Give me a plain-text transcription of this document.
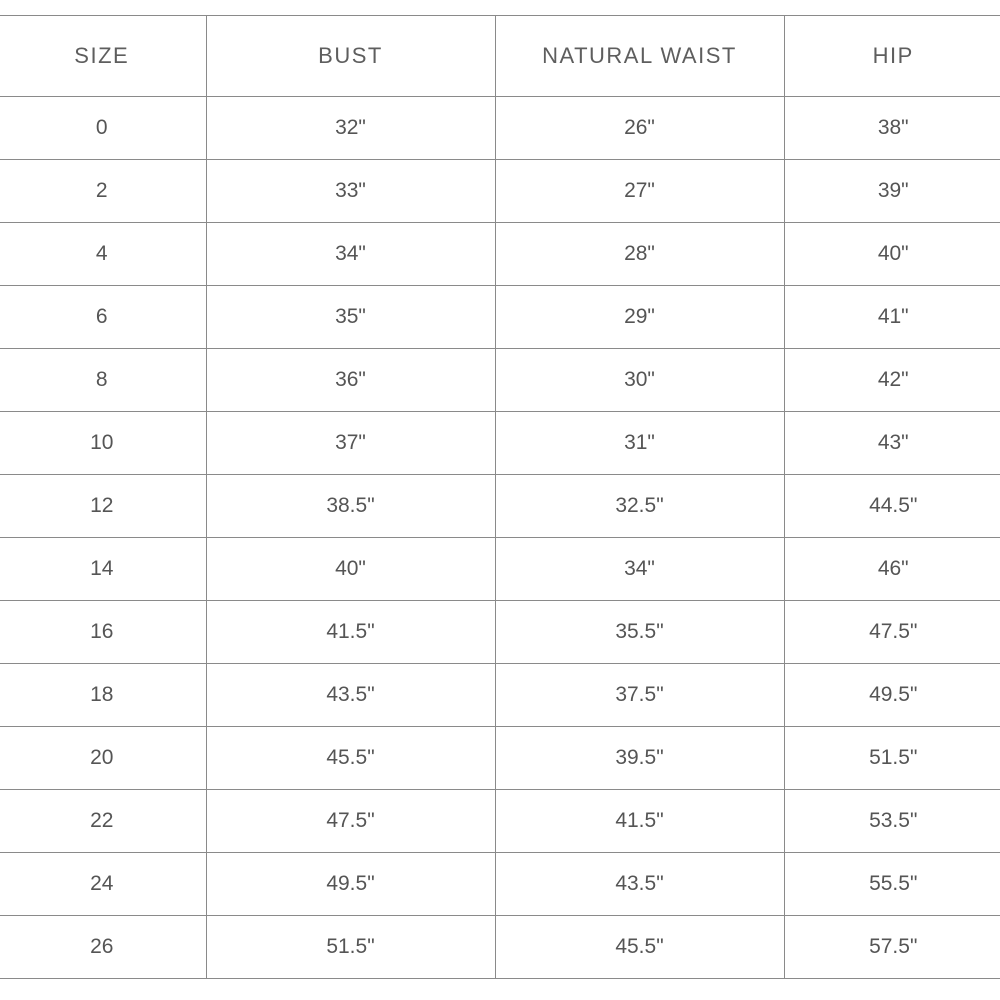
SIZE	BUST	NATURAL WAIST	HIP
0	32"	26"	38"
2	33"	27"	39"
4	34"	28"	40"
6	35"	29"	41"
8	36"	30"	42"
10	37"	31"	43"
12	38.5"	32.5"	44.5"
14	40"	34"	46"
16	41.5"	35.5"	47.5"
18	43.5"	37.5"	49.5"
20	45.5"	39.5"	51.5"
22	47.5"	41.5"	53.5"
24	49.5"	43.5"	55.5"
26	51.5"	45.5"	57.5"
